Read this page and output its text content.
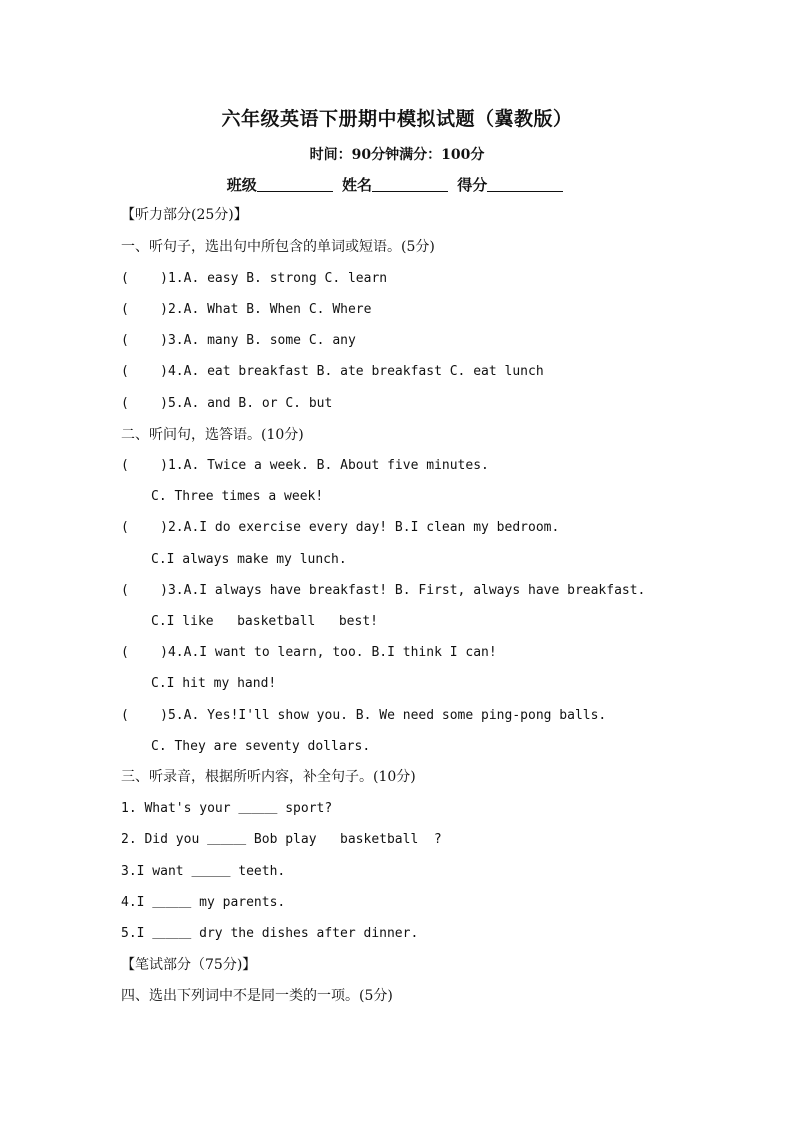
六年级英语下册期中模拟试题（冀教版）
时间：90分钟满分：100分
班级	姓名	得分
【听力部分(25分)】
一、听句子，选出句中所包含的单词或短语。(5分)
(    )1.A. easy B. strong C. learn
(    )2.A. What B. When C. Where
(    )3.A. many B. some C. any
(    )4.A. eat breakfast B. ate breakfast C. eat lunch
(    )5.A. and B. or C. but
二、听问句，选答语。(10分)
(    )1.A. Twice a week. B. About five minutes.
C. Three times a week!
(    )2.A.I do exercise every day! B.I clean my bedroom.
C.I always make my lunch.
(    )3.A.I always have breakfast! B. First, always have breakfast.
C.I like   basketball   best!
(    )4.A.I want to learn, too. B.I think I can!
C.I hit my hand!
(    )5.A. Yes!I'll show you. B. We need some ping-pong balls.
C. They are seventy dollars.
三、听录音，根据所听内容，补全句子。(10分)
1. What's your ＿＿＿ sport?
2. Did you ＿＿＿ Bob play   basketball  ?
3.I want ＿＿＿ teeth.
4.I ＿＿＿ my parents.
5.I ＿＿＿ dry the dishes after dinner.
【笔试部分（75分)】
四、选出下列词中不是同一类的一项。(5分)
